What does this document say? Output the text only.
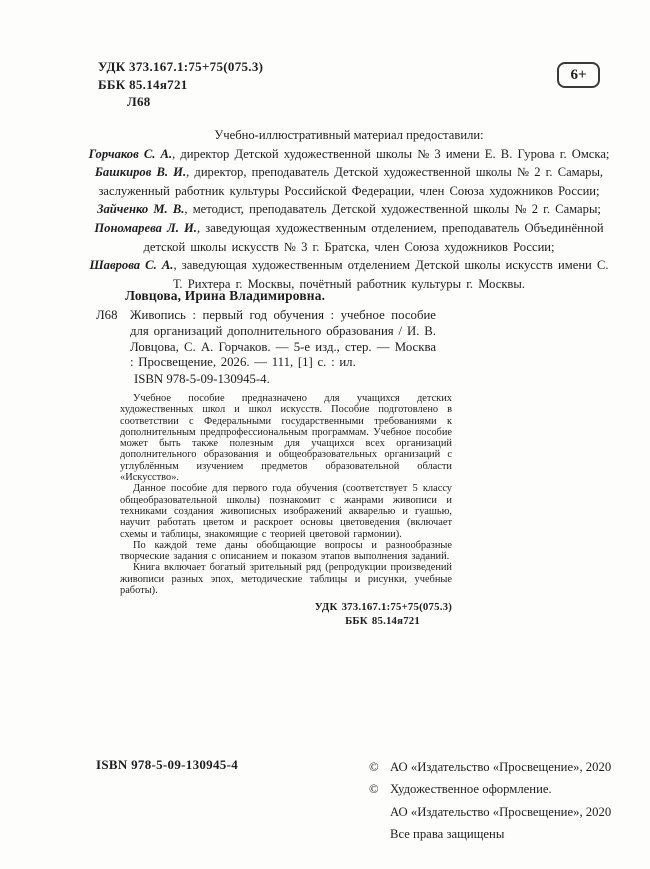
УДК 373.167.1:75+75(075.3)
ББК 85.14я721
Л68
6+

Учебно-иллюстративный материал предоставили:

Горчаков С. А., директор Детской художественной школы № 3 имени Е. В. Гурова г. Омска;

Башкиров В. И., директор, преподаватель Детской художественной школы № 2 г. Самары, заслуженный работник культуры Российской Федерации, член Союза художников России;

Зайченко М. В., методист, преподаватель Детской художественной школы № 2 г. Самары;

Пономарева Л. И., заведующая художественным отделением, преподаватель Объединённой детской школы искусств № 3 г. Братска, член Союза художников России;

Шаврова С. А., заведующая художественным отделением Детской школы искусств имени С. Т. Рихтера г. Москвы, почётный работник культуры г. Москвы.

Ловцова, Ирина Владимировна.

Л68 Живопись : первый год обучения : учебное пособие для организаций дополнительного образования / И. В. Ловцова, С. А. Горчаков. — 5-е изд., стер. — Москва : Просвещение, 2026. — 111, [1] с. : ил.

ISBN 978-5-09-130945-4.

Учебное пособие предназначено для учащихся детских художественных школ и школ искусств. Пособие подготовлено в соответствии с Федеральными государственными требованиями к дополнительным предпрофессиональным программам. Учебное пособие может быть также полезным для учащихся всех организаций дополнительного образования и общеобразовательных организаций с углублённым изучением предметов образовательной области «Искусство».

Данное пособие для первого года обучения (соответствует 5 классу общеобразовательной школы) познакомит с жанрами живописи и техниками создания живописных изображений акварелью и гуашью, научит работать цветом и раскроет основы цветоведения (включает схемы и таблицы, знакомящие с теорией цветовой гармонии).

По каждой теме даны обобщающие вопросы и разнообразные творческие задания с описанием и показом этапов выполнения заданий.

Книга включает богатый зрительный ряд (репродукции произведений живописи разных эпох, методические таблицы и рисунки, учебные работы).

УДК 373.167.1:75+75(075.3)
ББК 85.14я721
ISBN 978-5-09-130945-4	© АО «Издательство «Просвещение», 2020
© Художественное оформление.
АО «Издательство «Просвещение», 2020
Все права защищены
